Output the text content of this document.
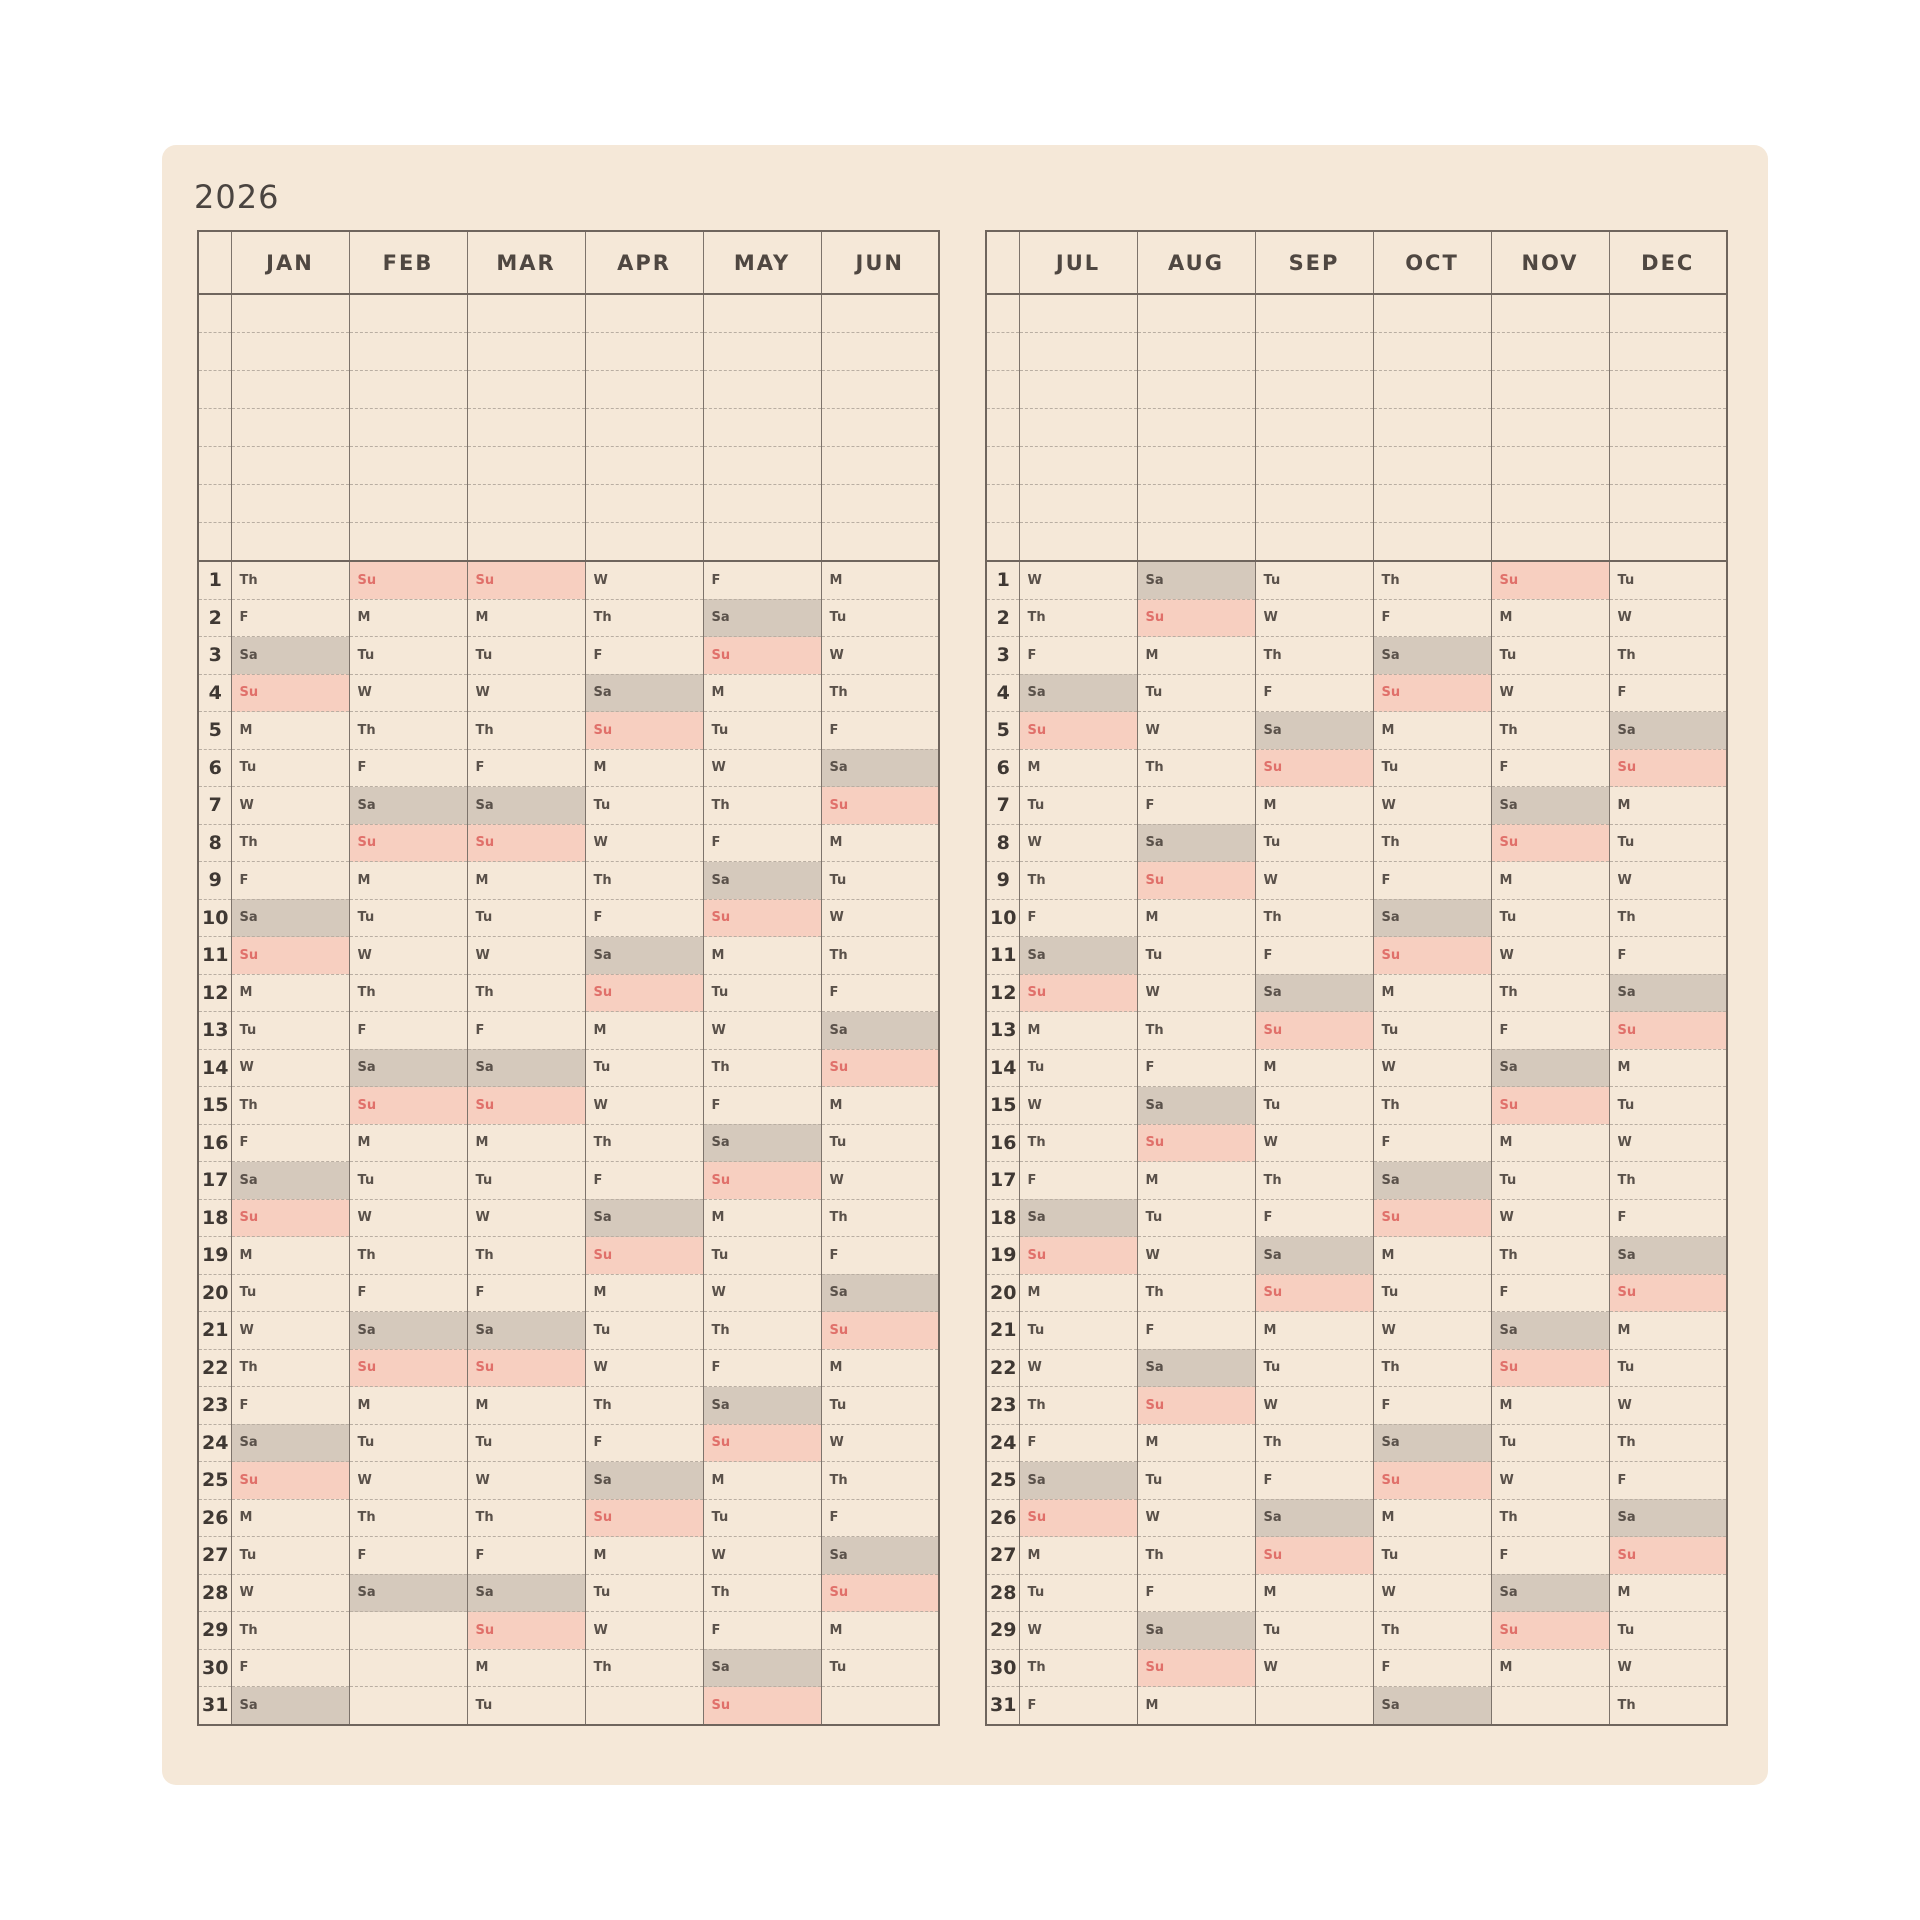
2026
	JAN	FEB	MAR	APR	MAY	JUN

1	Th	Su	Su	W	F	M
2	F	M	M	Th	Sa	Tu
3	Sa	Tu	Tu	F	Su	W
4	Su	W	W	Sa	M	Th
5	M	Th	Th	Su	Tu	F
6	Tu	F	F	M	W	Sa
7	W	Sa	Sa	Tu	Th	Su
8	Th	Su	Su	W	F	M
9	F	M	M	Th	Sa	Tu
10	Sa	Tu	Tu	F	Su	W
11	Su	W	W	Sa	M	Th
12	M	Th	Th	Su	Tu	F
13	Tu	F	F	M	W	Sa
14	W	Sa	Sa	Tu	Th	Su
15	Th	Su	Su	W	F	M
16	F	M	M	Th	Sa	Tu
17	Sa	Tu	Tu	F	Su	W
18	Su	W	W	Sa	M	Th
19	M	Th	Th	Su	Tu	F
20	Tu	F	F	M	W	Sa
21	W	Sa	Sa	Tu	Th	Su
22	Th	Su	Su	W	F	M
23	F	M	M	Th	Sa	Tu
24	Sa	Tu	Tu	F	Su	W
25	Su	W	W	Sa	M	Th
26	M	Th	Th	Su	Tu	F
27	Tu	F	F	M	W	Sa
28	W	Sa	Sa	Tu	Th	Su
29	Th		Su	W	F	M
30	F		M	Th	Sa	Tu
31	Sa		Tu		Su	
	JUL	AUG	SEP	OCT	NOV	DEC

1	W	Sa	Tu	Th	Su	Tu
2	Th	Su	W	F	M	W
3	F	M	Th	Sa	Tu	Th
4	Sa	Tu	F	Su	W	F
5	Su	W	Sa	M	Th	Sa
6	M	Th	Su	Tu	F	Su
7	Tu	F	M	W	Sa	M
8	W	Sa	Tu	Th	Su	Tu
9	Th	Su	W	F	M	W
10	F	M	Th	Sa	Tu	Th
11	Sa	Tu	F	Su	W	F
12	Su	W	Sa	M	Th	Sa
13	M	Th	Su	Tu	F	Su
14	Tu	F	M	W	Sa	M
15	W	Sa	Tu	Th	Su	Tu
16	Th	Su	W	F	M	W
17	F	M	Th	Sa	Tu	Th
18	Sa	Tu	F	Su	W	F
19	Su	W	Sa	M	Th	Sa
20	M	Th	Su	Tu	F	Su
21	Tu	F	M	W	Sa	M
22	W	Sa	Tu	Th	Su	Tu
23	Th	Su	W	F	M	W
24	F	M	Th	Sa	Tu	Th
25	Sa	Tu	F	Su	W	F
26	Su	W	Sa	M	Th	Sa
27	M	Th	Su	Tu	F	Su
28	Tu	F	M	W	Sa	M
29	W	Sa	Tu	Th	Su	Tu
30	Th	Su	W	F	M	W
31	F	M		Sa		Th
